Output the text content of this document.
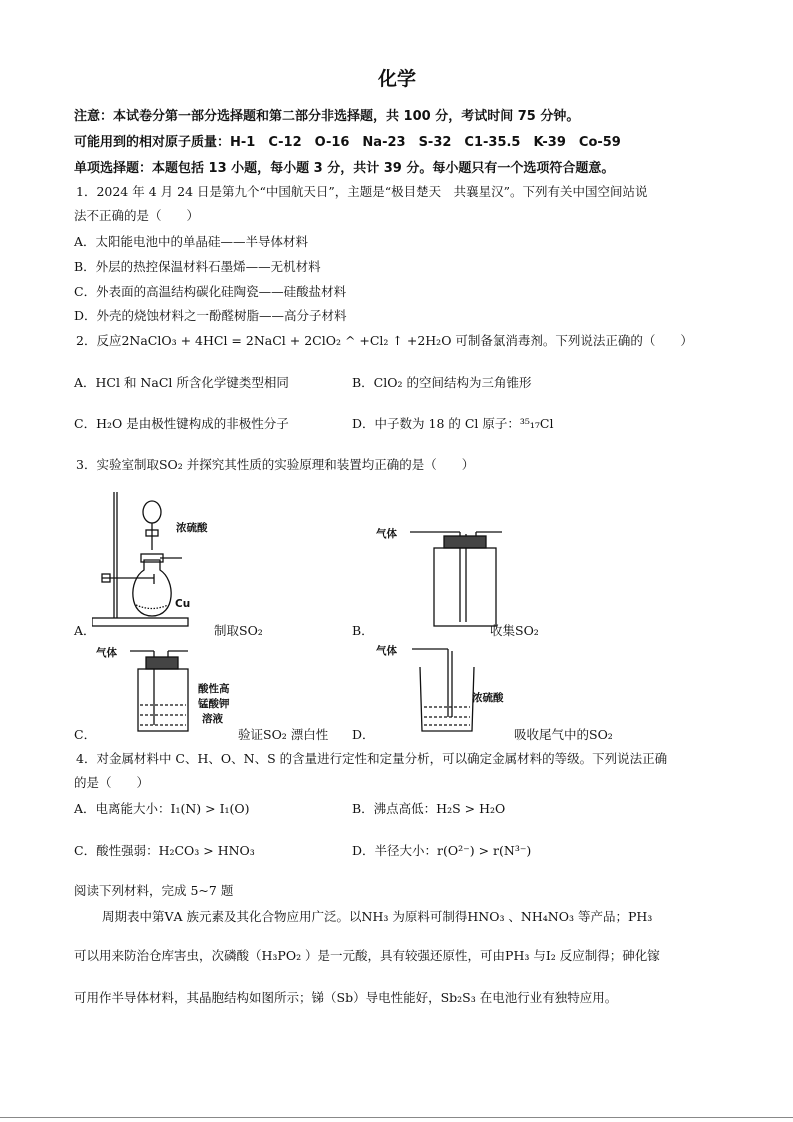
化学
注意：本试卷分第一部分选择题和第二部分非选择题，共 100 分，考试时间 75 分钟。
可能用到的相对原子质量：H-1　C-12　O-16　Na-23　S-32　C1-35.5　K-39　Co-59
单项选择题：本题包括 13 小题，每小题 3 分，共计 39 分。每小题只有一个选项符合题意。
1．2024 年 4 月 24 日是第九个“中国航天日”，主题是“极目楚天　共襄星汉”。下列有关中国空间站说
法不正确的是（　　）
A．太阳能电池中的单晶硅——半导体材料
B．外层的热控保温材料石墨烯——无机材料
C．外表面的高温结构碳化硅陶瓷——硅酸盐材料
D．外壳的烧蚀材料之一酚醛树脂——高分子材料
2．反应2NaClO₃ + 4HCl = 2NaCl + 2ClO₂ ^ +Cl₂ ↑ +2H₂O 可制备氯消毒剂。下列说法正确的（　　）
A．HCl 和 NaCl 所含化学键类型相同	B．ClO₂ 的空间结构为三角锥形
C．H₂O 是由极性键构成的非极性分子	D．中子数为 18 的 Cl 原子：³⁵₁₇Cl
3．实验室制取SO₂ 并探究其性质的实验原理和装置均正确的是（　　）
浓硫酸
Cu
气体
A．	制取SO₂	B．	收集SO₂
气体
酸性高
锰酸钾
溶液
气体
浓硫酸
C．	验证SO₂ 漂白性 D．	吸收尾气中的SO₂
4．对金属材料中 C、H、O、N、S 的含量进行定性和定量分析，可以确定金属材料的等级。下列说法正确
的是（　　）
A．电离能大小：I₁(N) > I₁(O)	B．沸点高低：H₂S > H₂O
C．酸性强弱：H₂CO₃ > HNO₃	D．半径大小：r(O²⁻) > r(N³⁻)
阅读下列材料，完成 5~7 题
周期表中第ⅤA 族元素及其化合物应用广泛。以NH₃ 为原料可制得HNO₃ 、NH₄NO₃ 等产品；PH₃
可以用来防治仓库害虫，次磷酸（H₃PO₂ ）是一元酸，具有较强还原性，可由PH₃ 与I₂ 反应制得；砷化镓
可用作半导体材料，其晶胞结构如图所示；锑（Sb）导电性能好，Sb₂S₃ 在电池行业有独特应用。
